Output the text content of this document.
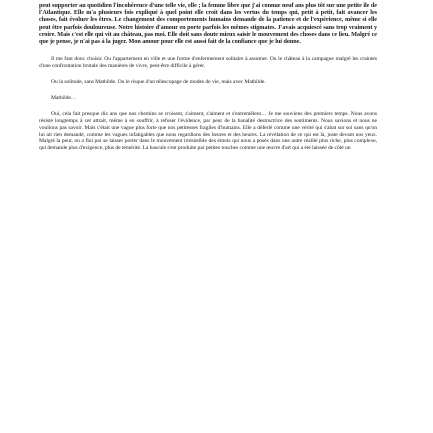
peut supporter au quotidien l'incohérence d'une telle vie, elle ; la femme libre que j'ai connue neuf ans plus tôt sur une petite île de l'Atlantique. Elle m'a plusieurs fois expliqué à quel point elle croit dans les vertus du temps qui, petit à petit, fait avancer les choses, fait évoluer les êtres. Le changement des comportements humains demande de la patience et de l'expérience, même si elle peut être parfois douloureuse. Notre histoire d'amour en porte parfois les mêmes stigmates. J'avais acquiescé sans trop vraiment y croire. Mais c'est elle qui vit au château, pas moi. Elle doit sans doute mieux saisir le mouvement des choses dans ce lieu. Malgré ce que je pense, je n'ai pas à la juger. Mon amour pour elle est aussi fait de la confiance que je lui donne.

Il me faut donc choisir. Ou l'appartement en ville et une forme d'enfermement solitaire à assumer. Ou le château à la campagne malgré les craintes d'une confrontation brutale des manières de vivre, peut-être difficile à gérer.

Ou la solitude, sans Mathilde. Ou le risque d'un télescopage de modes de vie, mais avec Mathilde.

Mathilde…

Oui, cela fait presque dix ans que nos chemins se croisent, s'aiment, s'aiment et s'entremêlent… Je me souviens des premiers temps. Nous avons résisté longtemps à cet attrait, même à en souffrir, à refuser l'évidence, par peur de la banalité destructrice des sentiments. Nous savions et nous ne voulions pas savoir. Mais c'était une vague plus forte que nos petitesses fragiles d'humains. Elle a déferlé comme une vérité qui s'abat sur soi sans qu'on lui ait rien demandé, comme les vagues infatigables que nous regardions des heures et des heures. La révélation de ce qui est là, juste devant nos yeux. Malgré la peur, on a fini par se laisser porter dans le mouvement irrésistible des émois qui nous a posés dans une autre réalité plus riche, plus complexe, qui demande plus d'exigence, plus de témérité. La bascule s'est produite par petites touches comme une œuvre d'art qui a été laissée de côté un
